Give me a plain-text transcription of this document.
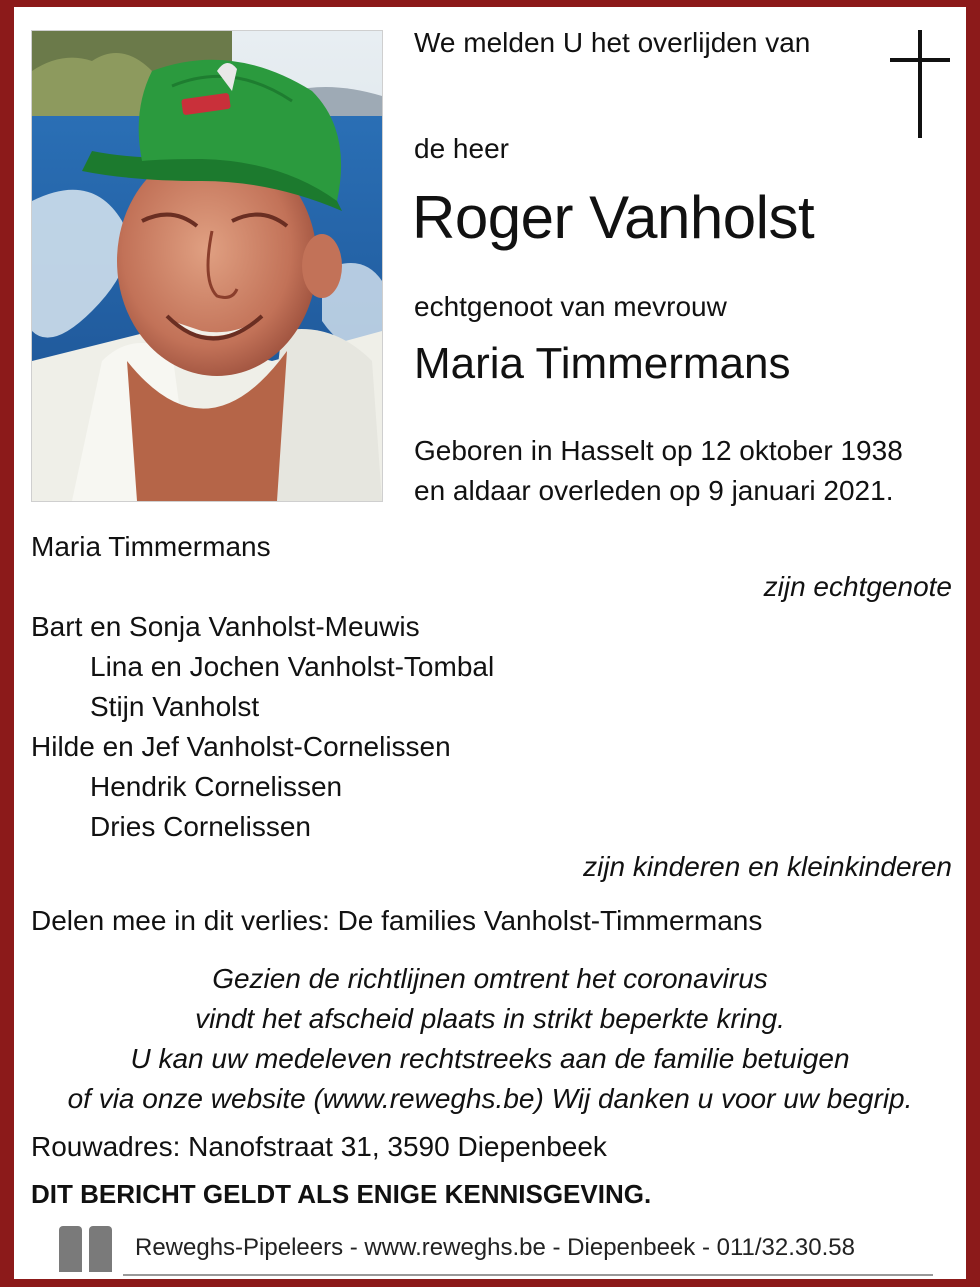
We melden U het overlijden van
de heer
Roger Vanholst
echtgenoot van mevrouw
Maria Timmermans
Geboren in Hasselt op 12 oktober 1938
en aldaar overleden op 9 januari 2021.
Maria Timmermans
zijn echtgenote
Bart en Sonja Vanholst-Meuwis
Lina en Jochen Vanholst-Tombal
Stijn Vanholst
Hilde en Jef Vanholst-Cornelissen
Hendrik Cornelissen
Dries Cornelissen
zijn kinderen en kleinkinderen
Delen mee in dit verlies: De families Vanholst-Timmermans
Gezien de richtlijnen omtrent het coronavirus
vindt het afscheid plaats in strikt beperkte kring.
U kan uw medeleven rechtstreeks aan de familie betuigen
of via onze website (www.reweghs.be) Wij danken u voor uw begrip.
Rouwadres: Nanofstraat 31, 3590 Diepenbeek
DIT BERICHT GELDT ALS ENIGE KENNISGEVING.
Reweghs-Pipeleers - www.reweghs.be - Diepenbeek - 011/32.30.58
